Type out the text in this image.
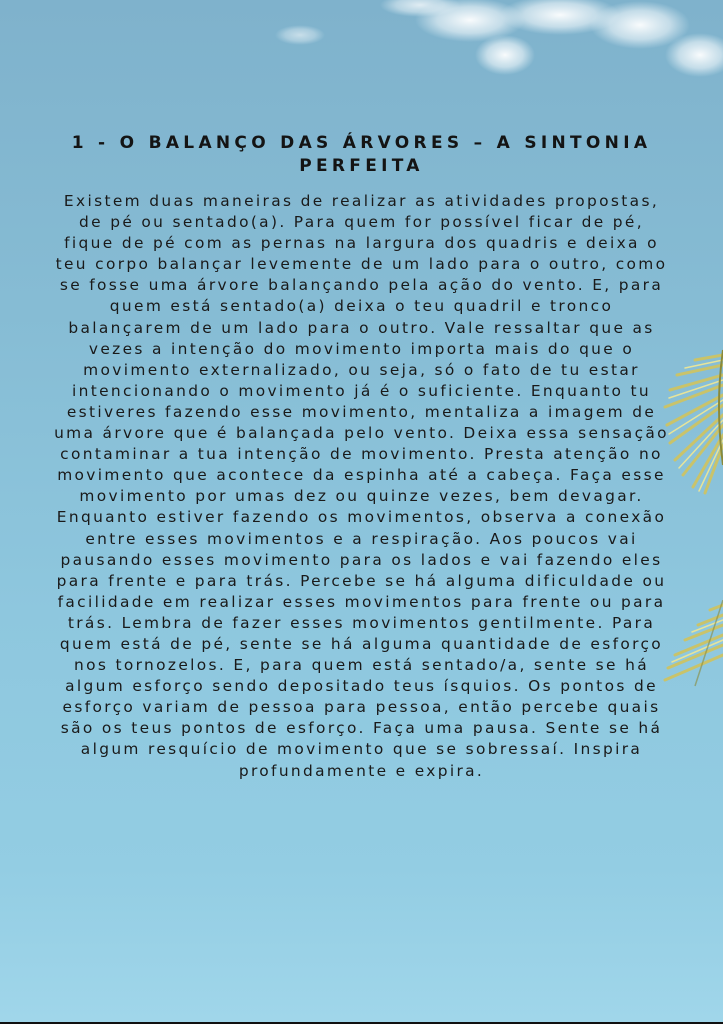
1 - O BALANÇO DAS ÁRVORES – A SINTONIA PERFEITA

Existem duas maneiras de realizar as atividades propostas, de pé ou sentado(a). Para quem for possível ficar de pé, fique de pé com as pernas na largura dos quadris e deixa o teu corpo balançar levemente de um lado para o outro, como se fosse uma árvore balançando pela ação do vento. E, para quem está sentado(a) deixa o teu quadril e tronco balançarem de um lado para o outro. Vale ressaltar que as vezes a intenção do movimento importa mais do que o movimento externalizado, ou seja, só o fato de tu estar intencionando o movimento já é o suficiente. Enquanto tu estiveres fazendo esse movimento, mentaliza a imagem de uma árvore que é balançada pelo vento. Deixa essa sensação contaminar a tua intenção de movimento. Presta atenção no movimento que acontece da espinha até a cabeça. Faça esse movimento por umas dez ou quinze vezes, bem devagar. Enquanto estiver fazendo os movimentos, observa a conexão entre esses movimentos e a respiração. Aos poucos vai pausando esses movimento para os lados e vai fazendo eles para frente e para trás. Percebe se há alguma dificuldade ou facilidade em realizar esses movimentos para frente ou para trás. Lembra de fazer esses movimentos gentilmente. Para quem está de pé, sente se há alguma quantidade de esforço nos tornozelos. E, para quem está sentado/a, sente se há algum esforço sendo depositado teus ísquios. Os pontos de esforço variam de pessoa para pessoa, então percebe quais são os teus pontos de esforço. Faça uma pausa. Sente se há algum resquício de movimento que se sobressaí. Inspira profundamente e expira.
